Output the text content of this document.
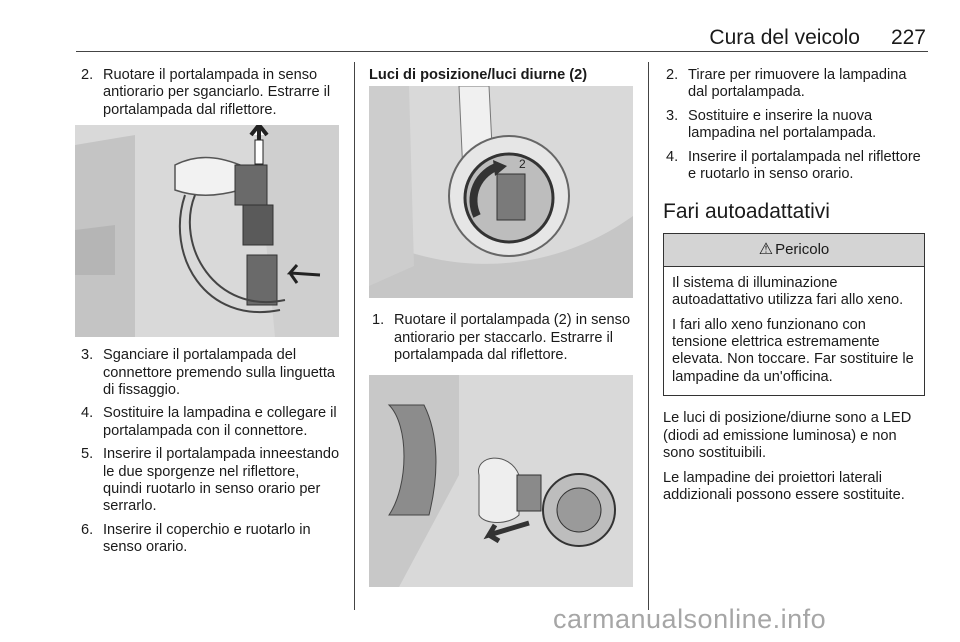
Cura del veicolo	227
2. Ruotare il portalampada in senso antiorario per sganciarlo. Estrarre il portalampada dal riflettore.
3. Sganciare il portalampada del connettore premendo sulla linguetta di fissaggio.
4. Sostituire la lampadina e collegare il portalampada con il connettore.
5. Inserire il portalampada inneestando le due sporgenze nel riflettore, quindi ruotarlo in senso orario per serrarlo.
6. Inserire il coperchio e ruotarlo in senso orario.
Luci di posizione/luci diurne (2)
2
1. Ruotare il portalampada (2) in senso antiorario per staccarlo. Estrarre il portalampada dal riflettore.
2. Tirare per rimuovere la lampadina dal portalampada.
3. Sostituire e inserire la nuova lampadina nel portalampada.
4. Inserire il portalampada nel riflettore e ruotarlo in senso orario.
Fari autoadattativi
⚠ Pericolo

Il sistema di illuminazione autoadattativo utilizza fari allo xeno.

I fari allo xeno funzionano con tensione elettrica estremamente elevata. Non toccare. Far sostituire le lampadine da un'officina.

Le luci di posizione/diurne sono a LED (diodi ad emissione luminosa) e non sono sostituibili.

Le lampadine dei proiettori laterali addizionali possono essere sostituite.

carmanualsonline.info
